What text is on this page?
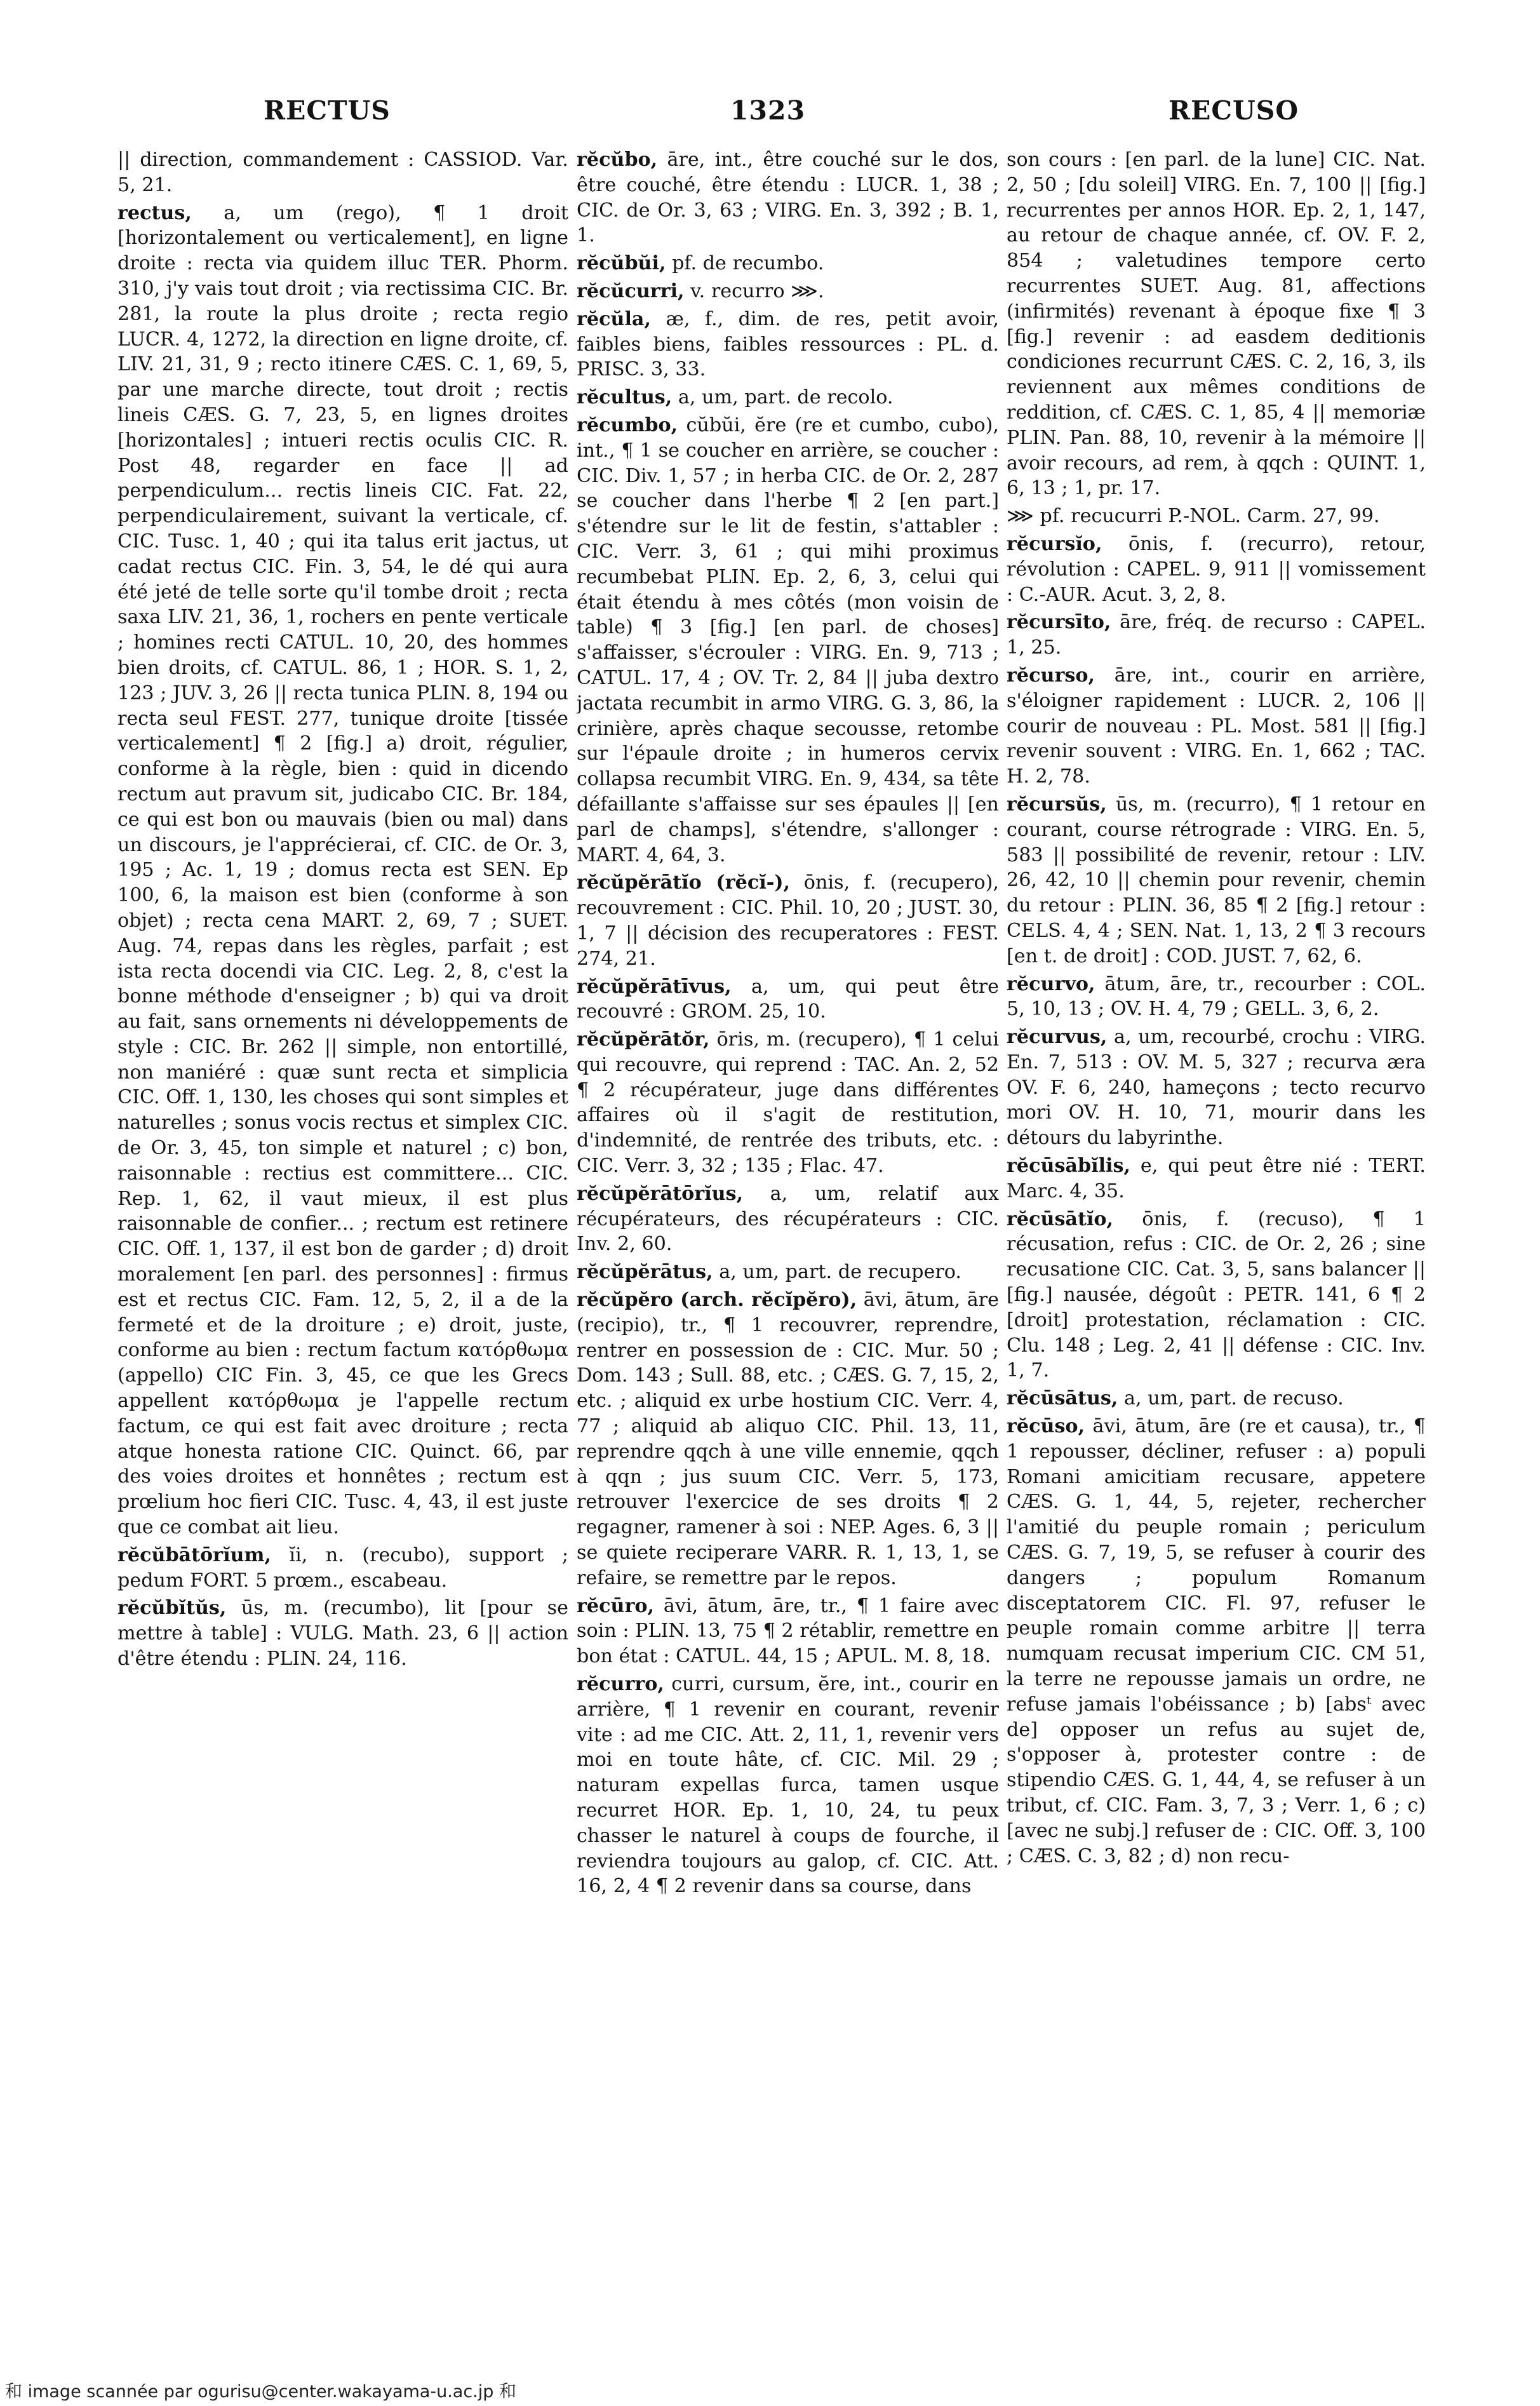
RECTUS	1323	RECUSO

|| direction, commandement : CASSIOD. Var. 5, 21.

rectus, a, um (rego), ¶ 1 droit [horizontalement ou verticalement], en ligne droite : recta via quidem illuc TER. Phorm. 310, j'y vais tout droit ; via rectissima CIC. Br. 281, la route la plus droite ; recta regio LUCR. 4, 1272, la direction en ligne droite, cf. LIV. 21, 31, 9 ; recto itinere CÆS. C. 1, 69, 5, par une marche directe, tout droit ; rectis lineis CÆS. G. 7, 23, 5, en lignes droites [horizontales] ; intueri rectis oculis CIC. R. Post 48, regarder en face || ad perpendiculum... rectis lineis CIC. Fat. 22, perpendiculairement, suivant la verticale, cf. CIC. Tusc. 1, 40 ; qui ita talus erit jactus, ut cadat rectus CIC. Fin. 3, 54, le dé qui aura été jeté de telle sorte qu'il tombe droit ; recta saxa LIV. 21, 36, 1, rochers en pente verticale ; homines recti CATUL. 10, 20, des hommes bien droits, cf. CATUL. 86, 1 ; HOR. S. 1, 2, 123 ; JUV. 3, 26 || recta tunica PLIN. 8, 194 ou recta seul FEST. 277, tunique droite [tissée verticalement] ¶ 2 [fig.] a) droit, régulier, conforme à la règle, bien : quid in dicendo rectum aut pravum sit, judicabo CIC. Br. 184, ce qui est bon ou mauvais (bien ou mal) dans un discours, je l'apprécierai, cf. CIC. de Or. 3, 195 ; Ac. 1, 19 ; domus recta est SEN. Ep 100, 6, la maison est bien (conforme à son objet) ; recta cena MART. 2, 69, 7 ; SUET. Aug. 74, repas dans les règles, parfait ; est ista recta docendi via CIC. Leg. 2, 8, c'est la bonne méthode d'enseigner ; b) qui va droit au fait, sans ornements ni développements de style : CIC. Br. 262 || simple, non entortillé, non maniéré : quæ sunt recta et simplicia CIC. Off. 1, 130, les choses qui sont simples et naturelles ; sonus vocis rectus et simplex CIC. de Or. 3, 45, ton simple et naturel ; c) bon, raisonnable : rectius est committere... CIC. Rep. 1, 62, il vaut mieux, il est plus raisonnable de confier... ; rectum est retinere CIC. Off. 1, 137, il est bon de garder ; d) droit moralement [en parl. des personnes] : firmus est et rectus CIC. Fam. 12, 5, 2, il a de la fermeté et de la droiture ; e) droit, juste, conforme au bien : rectum factum κατόρθωμα (appello) CIC Fin. 3, 45, ce que les Grecs appellent κατόρθωμα je l'appelle rectum factum, ce qui est fait avec droiture ; recta atque honesta ratione CIC. Quinct. 66, par des voies droites et honnêtes ; rectum est prœlium hoc fieri CIC. Tusc. 4, 43, il est juste que ce combat ait lieu.

rĕcŭbātōrĭum, ĭi, n. (recubo), support ; pedum FORT. 5 prœm., escabeau.

rĕcŭbĭtŭs, ūs, m. (recumbo), lit [pour se mettre à table] : VULG. Math. 23, 6 || action d'être étendu : PLIN. 24, 116.

rĕcŭbo, āre, int., être couché sur le dos, être couché, être étendu : LUCR. 1, 38 ; CIC. de Or. 3, 63 ; VIRG. En. 3, 392 ; B. 1, 1.

rĕcŭbŭi, pf. de recumbo.

rĕcŭcurri, v. recurro ⋙.

rĕcŭla, æ, f., dim. de res, petit avoir, faibles biens, faibles ressources : PL. d. PRISC. 3, 33.

rĕcultus, a, um, part. de recolo.

rĕcumbo, cŭbŭi, ĕre (re et cumbo, cubo), int., ¶ 1 se coucher en arrière, se coucher : CIC. Div. 1, 57 ; in herba CIC. de Or. 2, 287 se coucher dans l'herbe ¶ 2 [en part.] s'étendre sur le lit de festin, s'attabler : CIC. Verr. 3, 61 ; qui mihi proximus recumbebat PLIN. Ep. 2, 6, 3, celui qui était étendu à mes côtés (mon voisin de table) ¶ 3 [fig.] [en parl. de choses] s'affaisser, s'écrouler : VIRG. En. 9, 713 ; CATUL. 17, 4 ; OV. Tr. 2, 84 || juba dextro jactata recumbit in armo VIRG. G. 3, 86, la crinière, après chaque secousse, retombe sur l'épaule droite ; in humeros cervix collapsa recumbit VIRG. En. 9, 434, sa tête défaillante s'affaisse sur ses épaules || [en parl de champs], s'étendre, s'allonger : MART. 4, 64, 3.

rĕcŭpĕrātĭo (rĕcĭ-), ōnis, f. (recupero), recouvrement : CIC. Phil. 10, 20 ; JUST. 30, 1, 7 || décision des recuperatores : FEST. 274, 21.

rĕcŭpĕrātīvus, a, um, qui peut être recouvré : GROM. 25, 10.

rĕcŭpĕrātŏr, ōris, m. (recupero), ¶ 1 celui qui recouvre, qui reprend : TAC. An. 2, 52 ¶ 2 récupérateur, juge dans différentes affaires où il s'agit de restitution, d'indemnité, de rentrée des tributs, etc. : CIC. Verr. 3, 32 ; 135 ; Flac. 47.

rĕcŭpĕrātōrĭus, a, um, relatif aux récupérateurs, des récupérateurs : CIC. Inv. 2, 60.

rĕcŭpĕrātus, a, um, part. de recupero.

rĕcŭpĕro (arch. rĕcĭpĕro), āvi, ātum, āre (recipio), tr., ¶ 1 recouvrer, reprendre, rentrer en possession de : CIC. Mur. 50 ; Dom. 143 ; Sull. 88, etc. ; CÆS. G. 7, 15, 2, etc. ; aliquid ex urbe hostium CIC. Verr. 4, 77 ; aliquid ab aliquo CIC. Phil. 13, 11, reprendre qqch à une ville ennemie, qqch à qqn ; jus suum CIC. Verr. 5, 173, retrouver l'exercice de ses droits ¶ 2 regagner, ramener à soi : NEP. Ages. 6, 3 || se quiete reciperare VARR. R. 1, 13, 1, se refaire, se remettre par le repos.

rĕcūro, āvi, ātum, āre, tr., ¶ 1 faire avec soin : PLIN. 13, 75 ¶ 2 rétablir, remettre en bon état : CATUL. 44, 15 ; APUL. M. 8, 18.

rĕcurro, curri, cursum, ĕre, int., courir en arrière, ¶ 1 revenir en courant, revenir vite : ad me CIC. Att. 2, 11, 1, revenir vers moi en toute hâte, cf. CIC. Mil. 29 ; naturam expellas furca, tamen usque recurret HOR. Ep. 1, 10, 24, tu peux chasser le naturel à coups de fourche, il reviendra toujours au galop, cf. CIC. Att. 16, 2, 4 ¶ 2 revenir dans sa course, dans

son cours : [en parl. de la lune] CIC. Nat. 2, 50 ; [du soleil] VIRG. En. 7, 100 || [fig.] recurrentes per annos HOR. Ep. 2, 1, 147, au retour de chaque année, cf. OV. F. 2, 854 ; valetudines tempore certo recurrentes SUET. Aug. 81, affections (infirmités) revenant à époque fixe ¶ 3 [fig.] revenir : ad easdem deditionis condiciones recurrunt CÆS. C. 2, 16, 3, ils reviennent aux mêmes conditions de reddition, cf. CÆS. C. 1, 85, 4 || memoriæ PLIN. Pan. 88, 10, revenir à la mémoire || avoir recours, ad rem, à qqch : QUINT. 1, 6, 13 ; 1, pr. 17.

⋙ pf. recucurri P.-NOL. Carm. 27, 99.

rĕcursĭo, ōnis, f. (recurro), retour, révolution : CAPEL. 9, 911 || vomissement : C.-AUR. Acut. 3, 2, 8.

rĕcursīto, āre, fréq. de recurso : CAPEL. 1, 25.

rĕcurso, āre, int., courir en arrière, s'éloigner rapidement : LUCR. 2, 106 || courir de nouveau : PL. Most. 581 || [fig.] revenir souvent : VIRG. En. 1, 662 ; TAC. H. 2, 78.

rĕcursŭs, ūs, m. (recurro), ¶ 1 retour en courant, course rétrograde : VIRG. En. 5, 583 || possibilité de revenir, retour : LIV. 26, 42, 10 || chemin pour revenir, chemin du retour : PLIN. 36, 85 ¶ 2 [fig.] retour : CELS. 4, 4 ; SEN. Nat. 1, 13, 2 ¶ 3 recours [en t. de droit] : COD. JUST. 7, 62, 6.

rĕcurvo, ātum, āre, tr., recourber : COL. 5, 10, 13 ; OV. H. 4, 79 ; GELL. 3, 6, 2.

rĕcurvus, a, um, recourbé, crochu : VIRG. En. 7, 513 : OV. M. 5, 327 ; recurva æra OV. F. 6, 240, hameçons ; tecto recurvo mori OV. H. 10, 71, mourir dans les détours du labyrinthe.

rĕcūsābĭlis, e, qui peut être nié : TERT. Marc. 4, 35.

rĕcūsātĭo, ōnis, f. (recuso), ¶ 1 récusation, refus : CIC. de Or. 2, 26 ; sine recusatione CIC. Cat. 3, 5, sans balancer || [fig.] nausée, dégoût : PETR. 141, 6 ¶ 2 [droit] protestation, réclamation : CIC. Clu. 148 ; Leg. 2, 41 || défense : CIC. Inv. 1, 7.

rĕcūsātus, a, um, part. de recuso.

rĕcūso, āvi, ātum, āre (re et causa), tr., ¶ 1 repousser, décliner, refuser : a) populi Romani amicitiam recusare, appetere CÆS. G. 1, 44, 5, rejeter, rechercher l'amitié du peuple romain ; periculum CÆS. G. 7, 19, 5, se refuser à courir des dangers ; populum Romanum disceptatorem CIC. Fl. 97, refuser le peuple romain comme arbitre || terra numquam recusat imperium CIC. CM 51, la terre ne repousse jamais un ordre, ne refuse jamais l'obéissance ; b) [absᵗ avec de] opposer un refus au sujet de, s'opposer à, protester contre : de stipendio CÆS. G. 1, 44, 4, se refuser à un tribut, cf. CIC. Fam. 3, 7, 3 ; Verr. 1, 6 ; c) [avec ne subj.] refuser de : CIC. Off. 3, 100 ; CÆS. C. 3, 82 ; d) non recu-

和 image scannée par ogurisu@center.wakayama-u.ac.jp 和
